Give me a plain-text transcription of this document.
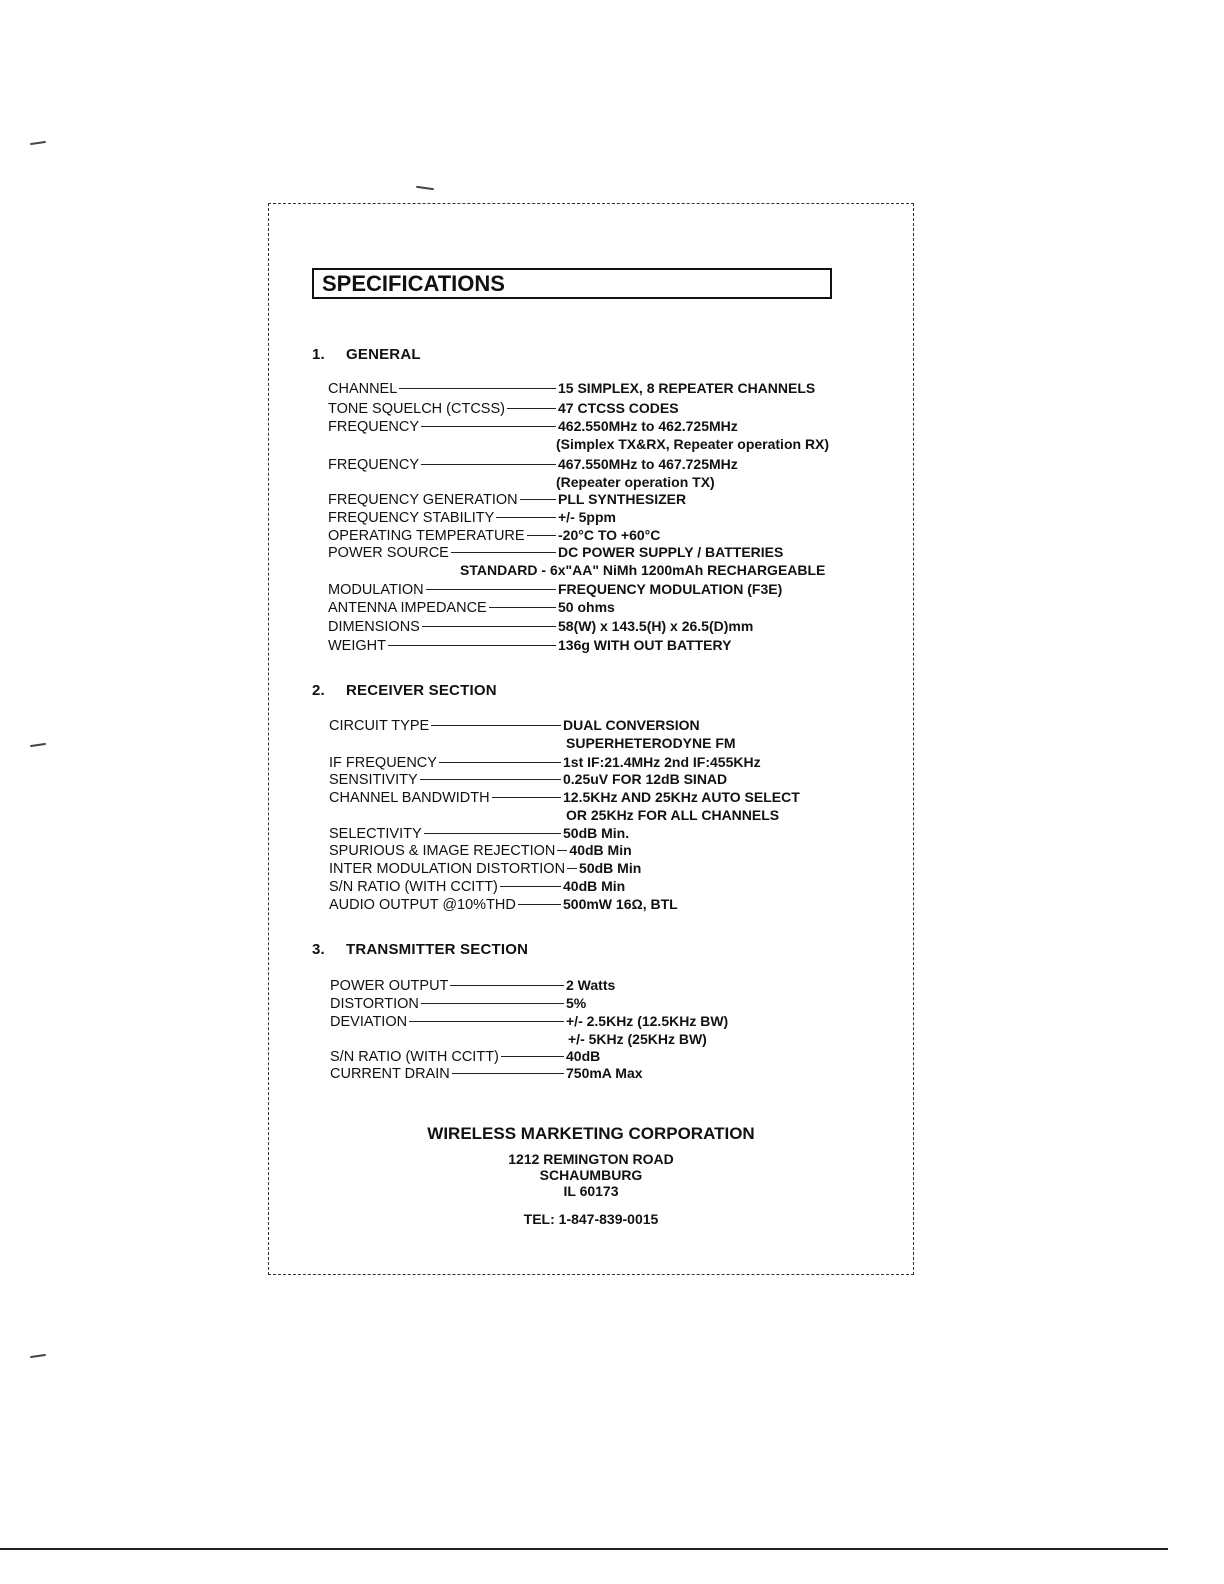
SPECIFICATIONS
1. GENERAL
CHANNEL	15 SIMPLEX, 8 REPEATER CHANNELS
TONE SQUELCH (CTCSS)	47 CTCSS CODES
FREQUENCY	462.550MHz to 462.725MHz
(Simplex TX&RX, Repeater operation RX)
FREQUENCY	467.550MHz to 467.725MHz
(Repeater operation TX)
FREQUENCY GENERATION	PLL SYNTHESIZER
FREQUENCY STABILITY	+/- 5ppm
OPERATING TEMPERATURE -20°C TO +60°C
POWER SOURCE	DC POWER SUPPLY / BATTERIES
STANDARD - 6x"AA" NiMh 1200mAh RECHARGEABLE
MODULATION	FREQUENCY MODULATION (F3E)
ANTENNA IMPEDANCE	50 ohms
DIMENSIONS	58(W) x 143.5(H) x 26.5(D)mm
WEIGHT	136g WITH OUT BATTERY
2. RECEIVER SECTION
CIRCUIT TYPE	DUAL CONVERSION
SUPERHETERODYNE FM
IF FREQUENCY	1st IF:21.4MHz 2nd IF:455KHz
SENSITIVITY	0.25uV FOR 12dB SINAD
CHANNEL BANDWIDTH	12.5KHz AND 25KHz AUTO SELECT
OR 25KHz FOR ALL CHANNELS
SELECTIVITY	50dB Min.
SPURIOUS & IMAGE REJECTION 40dB Min
INTER MODULATION DISTORTION 50dB Min
S/N RATIO (WITH CCITT)	40dB Min
AUDIO OUTPUT @10%THD	500mW 16Ω, BTL
3. TRANSMITTER SECTION
POWER OUTPUT	2 Watts
DISTORTION	5%
DEVIATION	+/- 2.5KHz (12.5KHz BW)
+/- 5KHz (25KHz BW)
S/N RATIO (WITH CCITT)	40dB
CURRENT DRAIN	750mA Max
WIRELESS MARKETING CORPORATION
1212 REMINGTON ROAD
SCHAUMBURG
IL 60173
TEL: 1-847-839-0015
